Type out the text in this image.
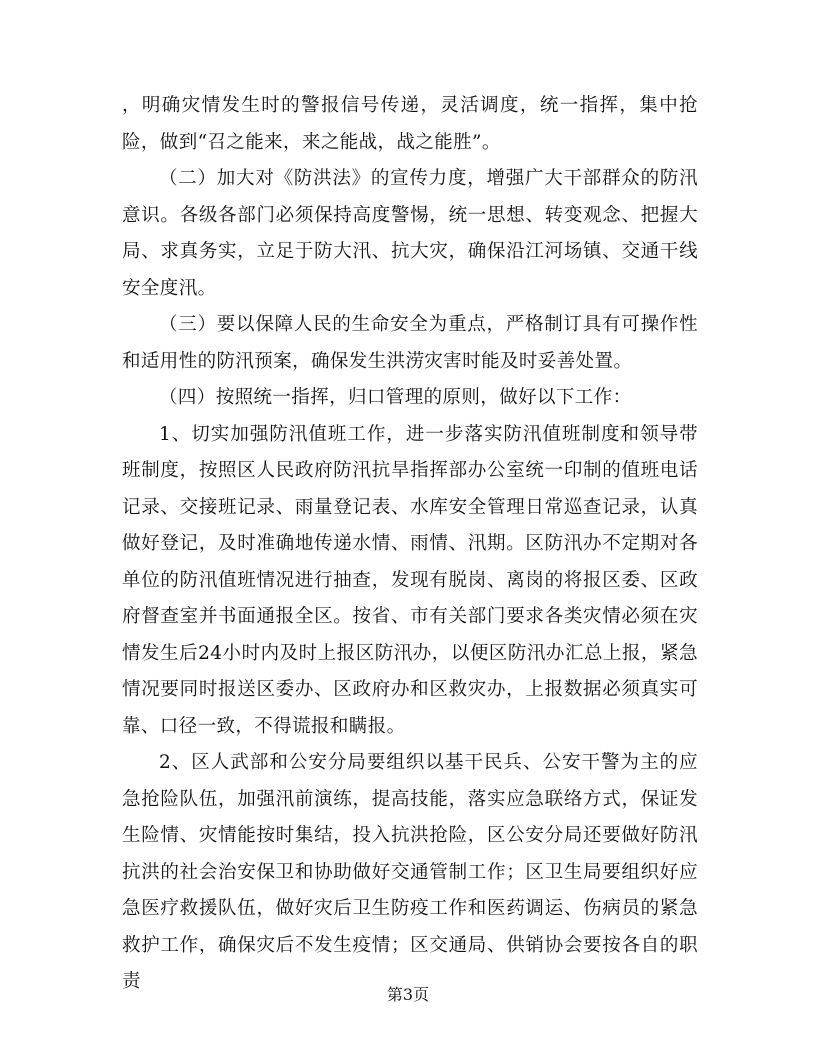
，明确灾情发生时的警报信号传递，灵活调度，统一指挥，集中抢险，做到“召之能来，来之能战，战之能胜”。

（二）加大对《防洪法》的宣传力度，增强广大干部群众的防汛意识。各级各部门必须保持高度警惕，统一思想、转变观念、把握大局、求真务实，立足于防大汛、抗大灾，确保沿江河场镇、交通干线安全度汛。

（三）要以保障人民的生命安全为重点，严格制订具有可操作性和适用性的防汛预案，确保发生洪涝灾害时能及时妥善处置。

（四）按照统一指挥，归口管理的原则，做好以下工作：

1、切实加强防汛值班工作，进一步落实防汛值班制度和领导带班制度，按照区人民政府防汛抗旱指挥部办公室统一印制的值班电话记录、交接班记录、雨量登记表、水库安全管理日常巡查记录，认真做好登记，及时准确地传递水情、雨情、汛期。区防汛办不定期对各单位的防汛值班情况进行抽查，发现有脱岗、离岗的将报区委、区政府督查室并书面通报全区。按省、市有关部门要求各类灾情必须在灾情发生后24小时内及时上报区防汛办，以便区防汛办汇总上报，紧急情况要同时报送区委办、区政府办和区救灾办，上报数据必须真实可靠、口径一致，不得谎报和瞒报。

2、区人武部和公安分局要组织以基干民兵、公安干警为主的应急抢险队伍，加强汛前演练，提高技能，落实应急联络方式，保证发生险情、灾情能按时集结，投入抗洪抢险，区公安分局还要做好防汛抗洪的社会治安保卫和协助做好交通管制工作；区卫生局要组织好应急医疗救援队伍，做好灾后卫生防疫工作和医药调运、伤病员的紧急救护工作，确保灾后不发生疫情；区交通局、供销协会要按各自的职责

第3页
